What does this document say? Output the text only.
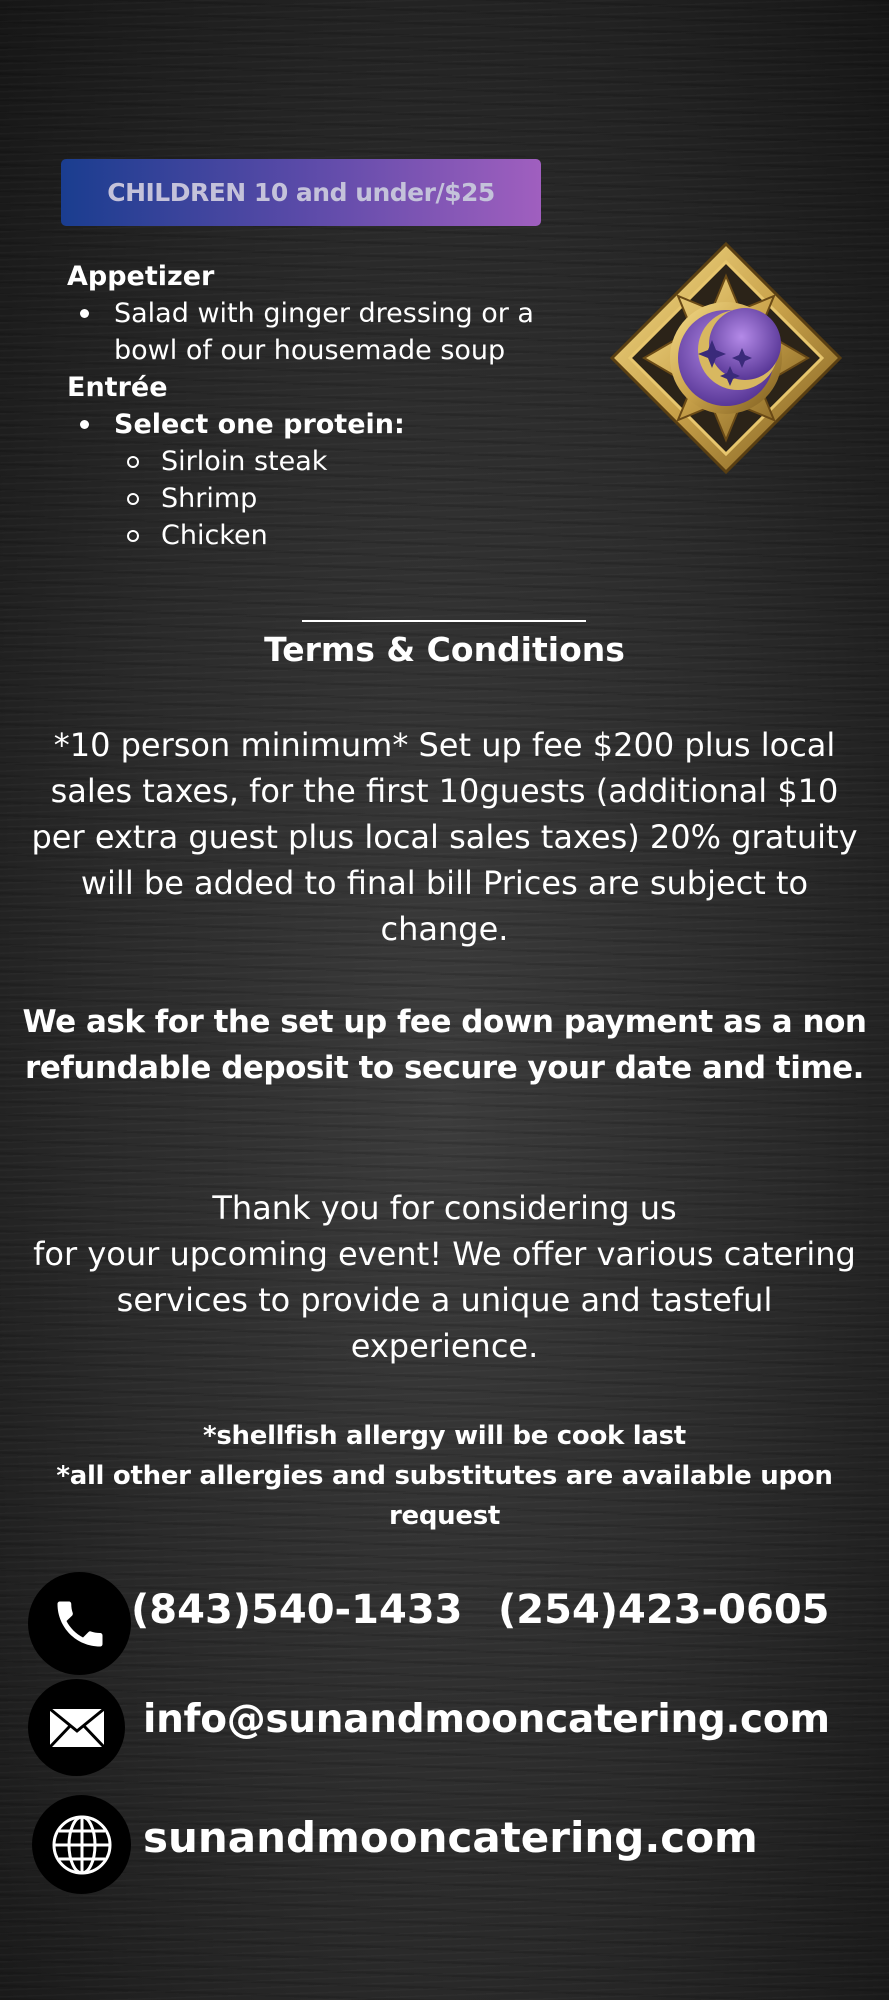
CHILDREN 10 and under/$25
Appetizer
Salad with ginger dressing or a bowl of our housemade soup
Entrée
Select one protein:
Sirloin steak
Shrimp
Chicken
Terms & Conditions
*10 person minimum* Set up fee $200 plus local sales taxes, for the first 10guests (additional $10 per extra guest plus local sales taxes) 20% gratuity will be added to final bill Prices are subject to change.
We ask for the set up fee down payment as a non refundable deposit to secure your date and time.
Thank you for considering us
for your upcoming event! We offer various catering services to provide a unique and tasteful experience.
*shellfish allergy will be cook last
*all other allergies and substitutes are available upon request
(843)540-1433 (254)423-0605
info@sunandmooncatering.com
sunandmooncatering.com
